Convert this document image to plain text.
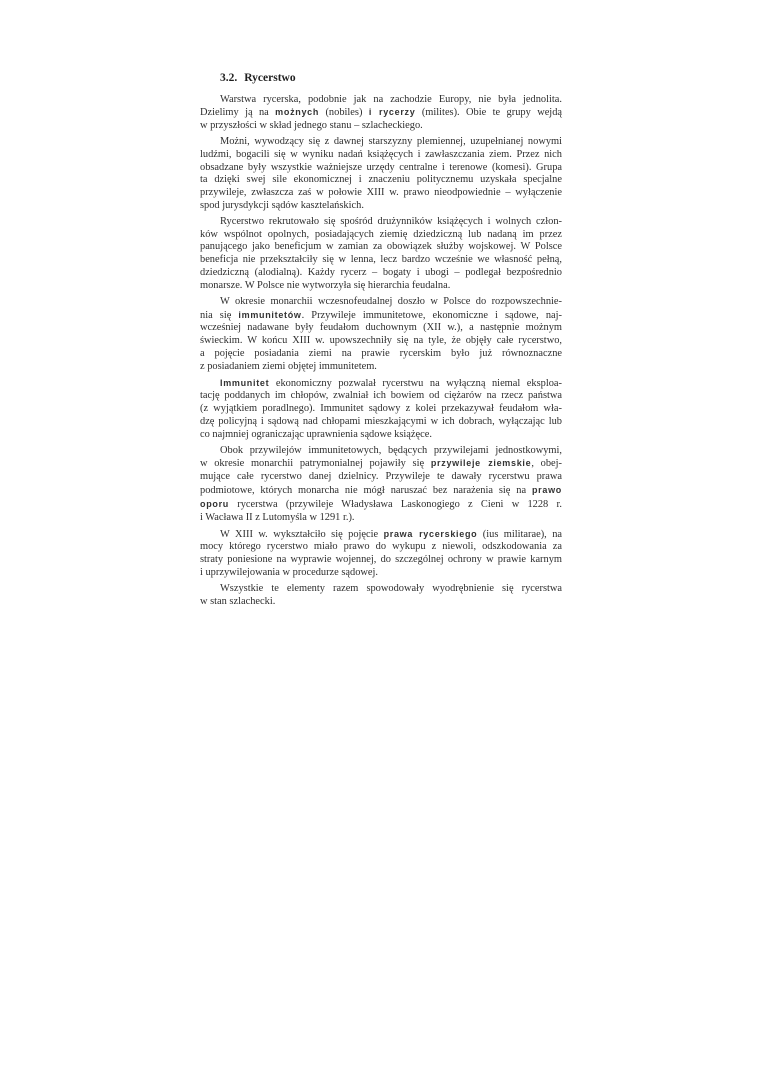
3.2. Rycerstwo
Warstwa rycerska, podobnie jak na zachodzie Europy, nie była jednolita.
Dzielimy ją na możnych (nobiles) i rycerzy (milites). Obie te grupy wejdą
w przyszłości w skład jednego stanu – szlacheckiego.
Możni, wywodzący się z dawnej starszyzny plemiennej, uzupełnianej nowymi
ludźmi, bogacili się w wyniku nadań książęcych i zawłaszczania ziem. Przez nich
obsadzane były wszystkie ważniejsze urzędy centralne i terenowe (komesi). Grupa
ta dzięki swej sile ekonomicznej i znaczeniu politycznemu uzyskała specjalne
przywileje, zwłaszcza zaś w połowie XIII w. prawo nieodpowiednie – wyłączenie
spod jurysdykcji sądów kasztelańskich.
Rycerstwo rekrutowało się spośród drużynników książęcych i wolnych człon-
ków wspólnot opolnych, posiadających ziemię dziedziczną lub nadaną im przez
panującego jako beneficjum w zamian za obowiązek służby wojskowej. W Polsce
beneficja nie przekształciły się w lenna, lecz bardzo wcześnie we własność pełną,
dziedziczną (alodialną). Każdy rycerz – bogaty i ubogi – podlegał bezpośrednio
monarsze. W Polsce nie wytworzyła się hierarchia feudalna.
W okresie monarchii wczesnofeudalnej doszło w Polsce do rozpowszechnie-
nia się immunitetów. Przywileje immunitetowe, ekonomiczne i sądowe, naj-
wcześniej nadawane były feudałom duchownym (XII w.), a następnie możnym
świeckim. W końcu XIII w. upowszechniły się na tyle, że objęły całe rycerstwo,
a pojęcie posiadania ziemi na prawie rycerskim było już równoznaczne
z posiadaniem ziemi objętej immunitetem.
Immunitet ekonomiczny pozwalał rycerstwu na wyłączną niemal eksploa-
tację poddanych im chłopów, zwalniał ich bowiem od ciężarów na rzecz państwa
(z wyjątkiem poradlnego). Immunitet sądowy z kolei przekazywał feudałom wła-
dzę policyjną i sądową nad chłopami mieszkającymi w ich dobrach, wyłączając lub
co najmniej ograniczając uprawnienia sądowe książęce.
Obok przywilejów immunitetowych, będących przywilejami jednostkowymi,
w okresie monarchii patrymonialnej pojawiły się przywileje ziemskie, obej-
mujące całe rycerstwo danej dzielnicy. Przywileje te dawały rycerstwu prawa
podmiotowe, których monarcha nie mógł naruszać bez narażenia się na prawo
oporu rycerstwa (przywileje Władysława Laskonogiego z Cieni w 1228 r.
i Wacława II z Lutomyśla w 1291 r.).
W XIII w. wykształciło się pojęcie prawa rycerskiego (ius militarae), na
mocy którego rycerstwo miało prawo do wykupu z niewoli, odszkodowania za
straty poniesione na wyprawie wojennej, do szczególnej ochrony w prawie karnym
i uprzywilejowania w procedurze sądowej.
Wszystkie te elementy razem spowodowały wyodrębnienie się rycerstwa
w stan szlachecki.
